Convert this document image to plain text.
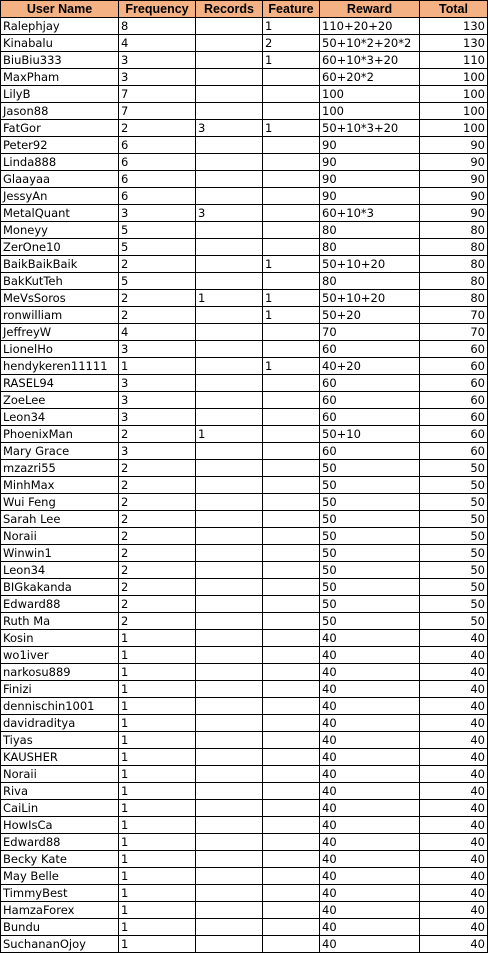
User Name	Frequency	Records	Feature	Reward	Total
Ralephjay	8		1	110+20+20	130
Kinabalu	4		2	50+10*2+20*2	130
BiuBiu333	3		1	60+10*3+20	110
MaxPham	3			60+20*2	100
LilyB	7			100	100
Jason88	7			100	100
FatGor	2	3	1	50+10*3+20	100
Peter92	6			90	90
Linda888	6			90	90
Glaayaa	6			90	90
JessyAn	6			90	90
MetalQuant	3	3		60+10*3	90
Moneyy	5			80	80
ZerOne10	5			80	80
BaikBaikBaik	2		1	50+10+20	80
BakKutTeh	5			80	80
MeVsSoros	2	1	1	50+10+20	80
ronwilliam	2		1	50+20	70
JeffreyW	4			70	70
LionelHo	3			60	60
hendykeren11111	1		1	40+20	60
RASEL94	3			60	60
ZoeLee	3			60	60
Leon34	3			60	60
PhoenixMan	2	1		50+10	60
Mary Grace	3			60	60
mzazri55	2			50	50
MinhMax	2			50	50
Wui Feng	2			50	50
Sarah Lee	2			50	50
Noraii	2			50	50
Winwin1	2			50	50
Leon34	2			50	50
BIGkakanda	2			50	50
Edward88	2			50	50
Ruth Ma	2			50	50
Kosin	1			40	40
wo1iver	1			40	40
narkosu889	1			40	40
Finizi	1			40	40
dennischin1001	1			40	40
davidraditya	1			40	40
Tiyas	1			40	40
KAUSHER	1			40	40
Noraii	1			40	40
Riva	1			40	40
CaiLin	1			40	40
HowIsCa	1			40	40
Edward88	1			40	40
Becky Kate	1			40	40
May Belle	1			40	40
TimmyBest	1			40	40
HamzaForex	1			40	40
Bundu	1			40	40
SuchananOjoy	1			40	40
